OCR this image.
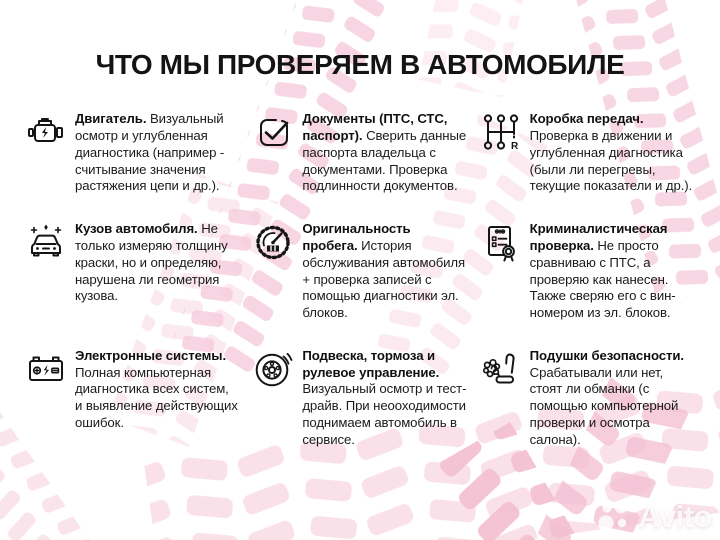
ЧТО МЫ ПРОВЕРЯЕМ В АВТОМОБИЛЕ

Двигатель. Визуальный осмотр и углубленная диагностика (например - считывание значения растяжения цепи и др.).

Документы (ПТС, СТС, паспорт). Сверить данные паспорта владельца с документами. Проверка подлинности документов.

R

Коробка передач. Проверка в движении и углубленная диагностика (были ли перегревы, текущие показатели и др.).

Кузов автомобиля. Не только измеряю толщину краски, но и определяю, нарушена ли геометрия кузова.

Оригинальность пробега. История обслуживания автомобиля + проверка записей с помощью диагностики эл. блоков.

Криминалистическая проверка. Не просто сравниваю с ПТС, а проверяю как нанесен. Также сверяю его с вин-номером из эл. блоков.

Электронные системы. Полная компьютерная диагностика всех систем, и выявление действующих ошибок.

Подвеска, тормоза и рулевое управление. Визуальный осмотр и тест-драйв. При неооходимости поднимаем автомобиль в сервисе.

Подушки безопасности. Срабатывали или нет, стоят ли обманки (с помощью компьютерной проверки и осмотра салона).

Avito
